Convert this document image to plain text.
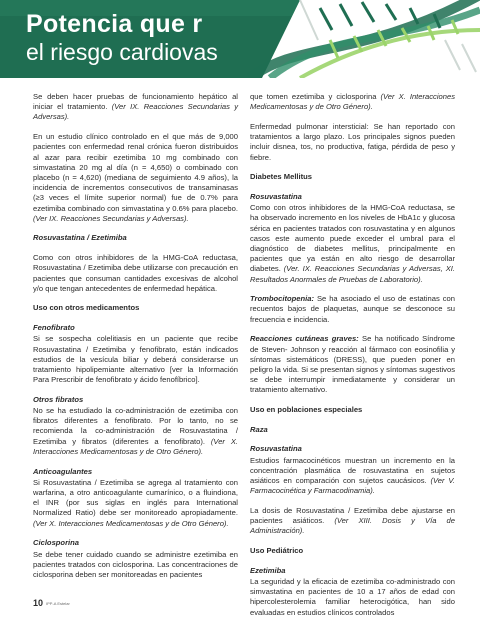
Potencia que r
el riesgo cardiovas

Se deben hacer pruebas de funcionamiento hepático al iniciar el tratamiento. (Ver IX. Reacciones Secundarias y Adversas).

En un estudio clínico controlado en el que más de 9,000 pacientes con enfermedad renal crónica fueron distribuidos al azar para recibir ezetimiba 10 mg combinado con simvastatina 20 mg al día (n = 4,650) o combinado con placebo (n = 4,620) (mediana de seguimiento 4.9 años), la incidencia de incrementos consecutivos de transaminasas (≥3 veces el límite superior normal) fue de 0.7% para ezetimiba combinado con simvastatina y 0.6% para placebo. (Ver IX. Reacciones Secundarias y Adversas).

Rosuvastatina / Ezetimiba

Como con otros inhibidores de la HMG-CoA reductasa, Rosuvastatina / Ezetimiba debe utilizarse con precaución en pacientes que consuman cantidades excesivas de alcohol y/o que tengan antecedentes de enfermedad hepática.

Uso con otros medicamentos
Fenofibrato

Si se sospecha colelitiasis en un paciente que recibe Rosuvastatina / Ezetimiba y fenofibrato, están indicados estudios de la vesícula biliar y deberá considerarse un tratamiento hipolipemiante alternativo [ver la Información Para Prescribir de fenofibrato y ácido fenofíbrico].

Otros fibratos

No se ha estudiado la co-administración de ezetimiba con fibratos diferentes a fenofibrato. Por lo tanto, no se recomienda la co-administración de Rosuvastatina / Ezetimiba y fibratos (diferentes a fenofibrato). (Ver X. Interacciones Medicamentosas y de Otro Género).

Anticoagulantes

Si Rosuvastatina / Ezetimiba se agrega al tratamiento con warfarina, a otro anticoagulante cumarínico, o a fluindiona, el INR (por sus siglas en inglés para International Normalized Ratio) debe ser monitoreado apropiadamente. (Ver X. Interacciones Medicamentosas y de Otro Género).

Ciclosporina

Se debe tener cuidado cuando se administre ezetimiba en pacientes tratados con ciclosporina. Las concentraciones de ciclosporina deben ser monitoreadas en pacientes

que tomen ezetimiba y ciclosporina (Ver X. Interacciones Medicamentosas y de Otro Género).

Enfermedad pulmonar intersticial: Se han reportado con tratamientos a largo plazo. Los principales signos pueden incluir disnea, tos, no productiva, fatiga, pérdida de peso y fiebre.

Diabetes Mellitus
Rosuvastatina

Como con otros inhibidores de la HMG-CoA reductasa, se ha observado incremento en los niveles de HbA1c y glucosa sérica en pacientes tratados con rosuvastatina y en algunos casos este aumento puede exceder el umbral para el diagnóstico de diabetes mellitus, principalmente en pacientes que ya están en alto riesgo de desarrollar diabetes. (Ver. IX. Reacciones Secundarias y Adversas, XI. Resultados Anormales de Pruebas de Laboratorio).

Trombocitopenia: Se ha asociado el uso de estatinas con recuentos bajos de plaquetas, aunque se desconoce su frecuencia e incidencia.

Reacciones cutáneas graves: Se ha notificado Síndrome de Steven- Johnson y reacción al fármaco con eosinofilia y síntomas sistemáticos (DRESS), que pueden poner en peligro la vida. Si se presentan signos y síntomas sugestivos se debe interrumpir inmediatamente y considerar un tratamiento alternativo.

Uso en poblaciones especiales
Raza
Rosuvastatina

Estudios farmacocinéticos muestran un incremento en la concentración plasmática de rosuvastatina en sujetos asiáticos en comparación con sujetos caucásicos. (Ver V. Farmacocinética y Farmacodinamia).

La dosis de Rosuvastatina / Ezetimiba debe ajustarse en pacientes asiáticos. (Ver XIII. Dosis y Vía de Administración).

Uso Pediátrico
Ezetimiba

La seguridad y la eficacia de ezetimiba co-administrado con simvastatina en pacientes de 10 a 17 años de edad con hipercolesterolemia familiar heterocigótica, han sido evaluadas en estudios clínicos controlados

10 IPP-A Estelar
